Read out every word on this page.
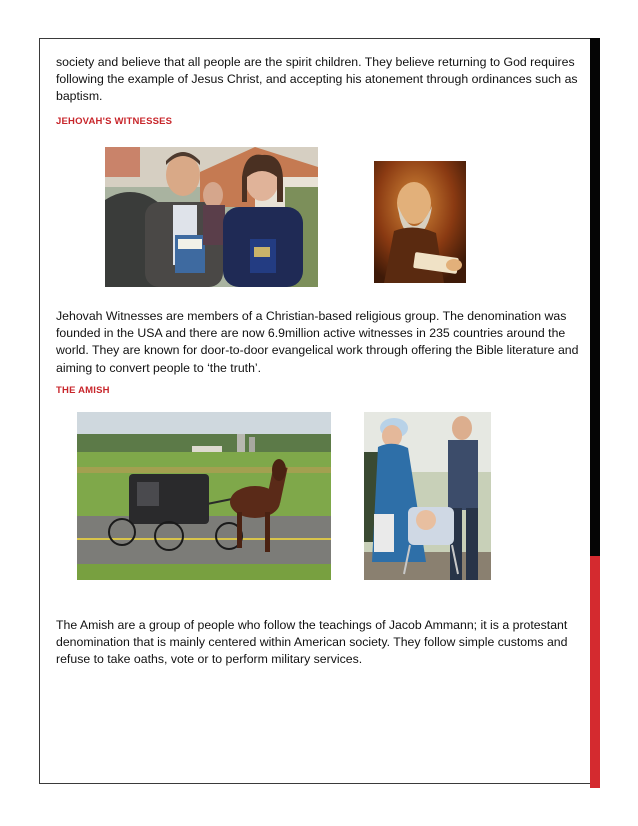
society and believe that all people are the spirit children. They believe returning to God requires following the example of Jesus Christ, and accepting his atonement through ordinances such as baptism.

JEHOVAH'S WITNESSES

Jehovah Witnesses are members of a Christian-based religious group. The denomination was founded in the USA and there are now 6.9million active witnesses in 235 countries around the world. They are known for door-to-door evangelical work through offering the Bible literature and aiming to convert people to ‘the truth’.

THE AMISH

The Amish are a group of people who follow the teachings of Jacob Ammann; it is a protestant denomination that is mainly centered within American society. They follow simple customs and refuse to take oaths, vote or to perform military services.
